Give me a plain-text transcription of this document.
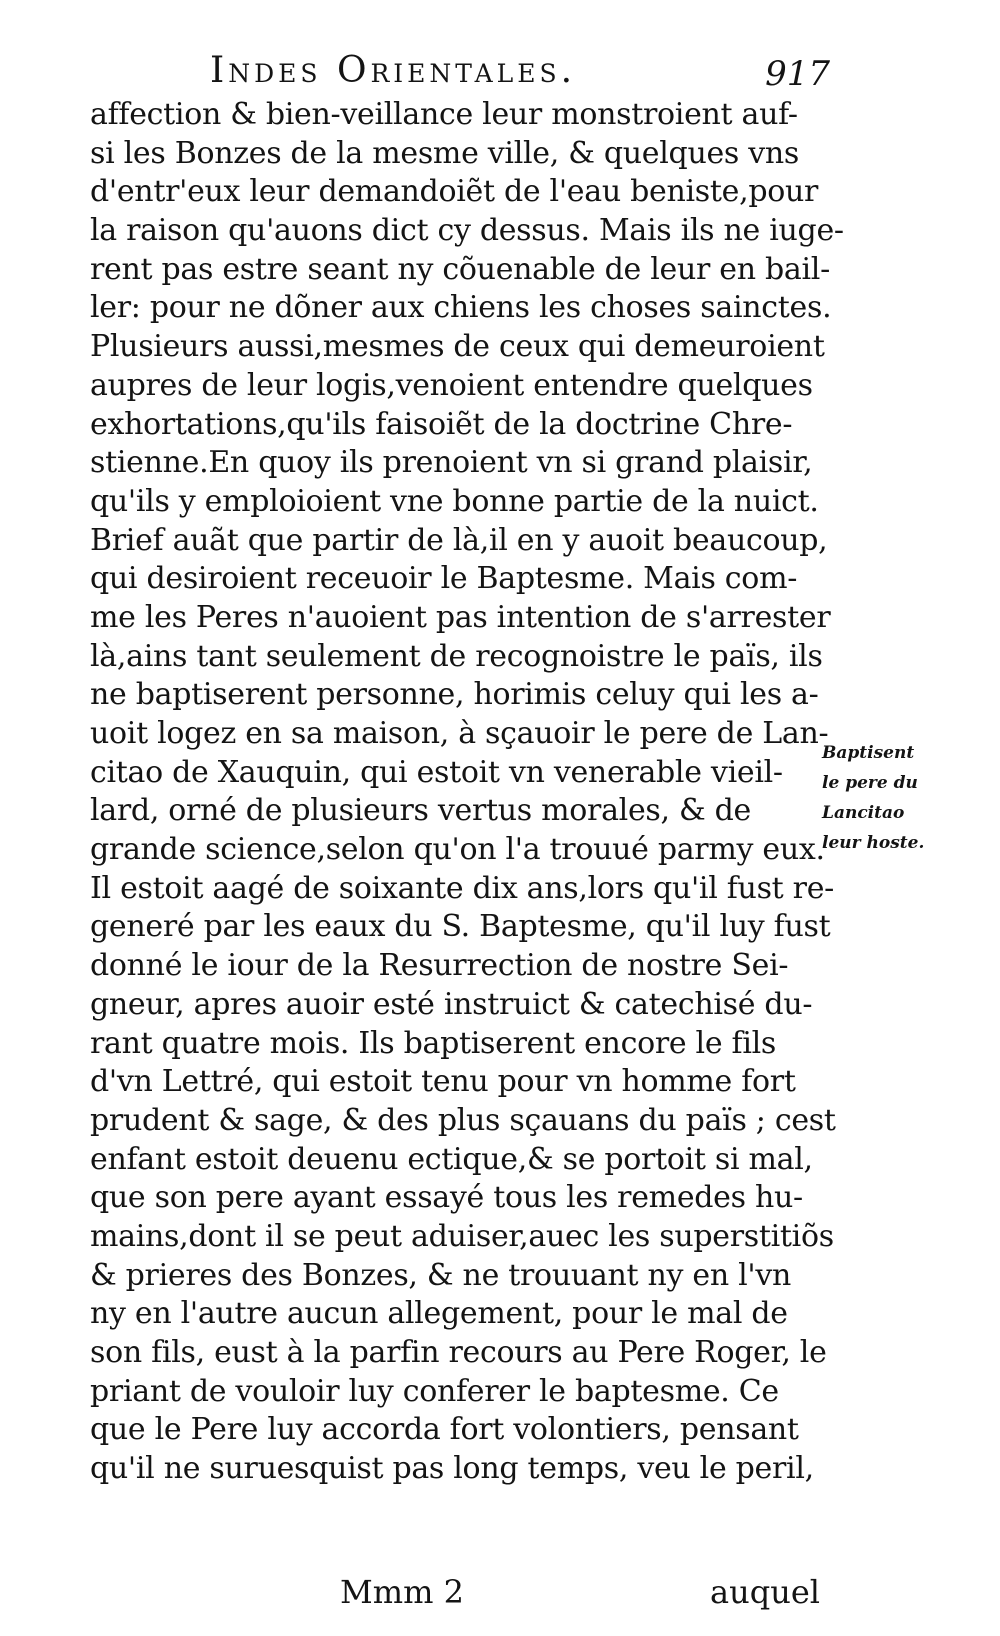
Indes Orientales.	917
affection & bien-veillance leur monstroient auf-
si les Bonzes de la mesme ville, & quelques vns
d'entr'eux leur demandoiẽt de l'eau beniste,pour
la raison qu'auons dict cy dessus. Mais ils ne iuge-
rent pas estre seant ny cõuenable de leur en bail-
ler: pour ne dõner aux chiens les choses sainctes.
Plusieurs aussi,mesmes de ceux qui demeuroient
aupres de leur logis,venoient entendre quelques
exhortations,qu'ils faisoiẽt de la doctrine Chre-
stienne.En quoy ils prenoient vn si grand plaisir,
qu'ils y emploioient vne bonne partie de la nuict.
Brief auãt que partir de là,il en y auoit beaucoup,
qui desiroient receuoir le Baptesme. Mais com-
me les Peres n'auoient pas intention de s'arrester
là,ains tant seulement de recognoistre le païs, ils
ne baptiserent personne, horimis celuy qui les a-
uoit logez en sa maison, à sçauoir le pere de Lan-
citao de Xauquin, qui estoit vn venerable vieil-
lard, orné de plusieurs vertus morales, & de
grande science,selon qu'on l'a trouué parmy eux.
Il estoit aagé de soixante dix ans,lors qu'il fust re-
generé par les eaux du S. Baptesme, qu'il luy fust
donné le iour de la Resurrection de nostre Sei-
gneur, apres auoir esté instruict & catechisé du-
rant quatre mois. Ils baptiserent encore le fils
d'vn Lettré, qui estoit tenu pour vn homme fort
prudent & sage, & des plus sçauans du païs ; cest
enfant estoit deuenu ectique,& se portoit si mal,
que son pere ayant essayé tous les remedes hu-
mains,dont il se peut aduiser,auec les superstitiõs
& prieres des Bonzes, & ne trouuant ny en l'vn
ny en l'autre aucun allegement, pour le mal de
son fils, eust à la parfin recours au Pere Roger, le
priant de vouloir luy conferer le baptesme. Ce
que le Pere luy accorda fort volontiers, pensant
qu'il ne suruesquist pas long temps, veu le peril,
Baptisent
le pere du
Lancitao
leur hoste.
Mmm 2	auquel
